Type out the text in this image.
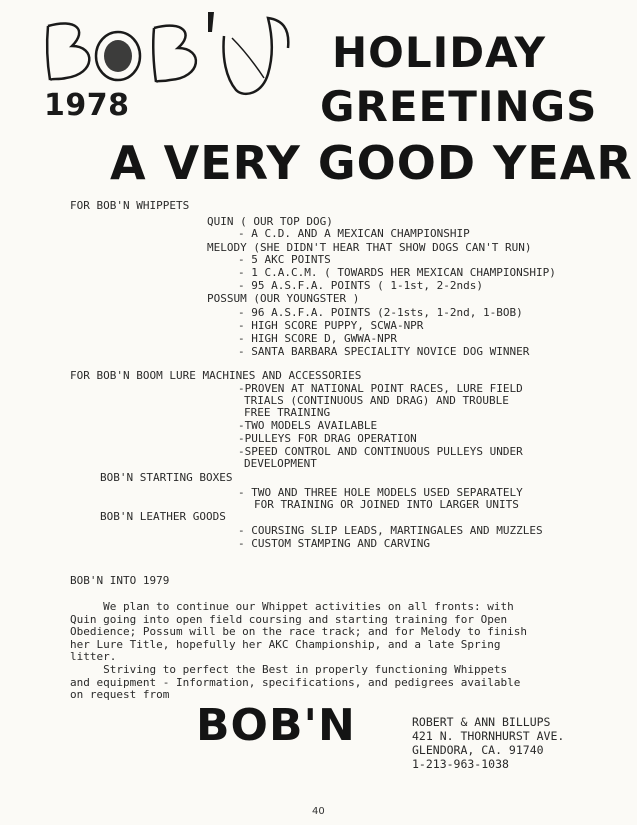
1978
HOLIDAY
GREETINGS
A VERY GOOD YEAR
FOR BOB'N WHIPPETS
QUIN ( OUR TOP DOG)
- A C.D. AND A MEXICAN CHAMPIONSHIP
MELODY (SHE DIDN'T HEAR THAT SHOW DOGS CAN'T RUN)
- 5 AKC POINTS
- 1 C.A.C.M. ( TOWARDS HER MEXICAN CHAMPIONSHIP)
- 95 A.S.F.A. POINTS ( 1-1st, 2-2nds)
POSSUM (OUR YOUNGSTER )
- 96 A.S.F.A. POINTS (2-1sts, 1-2nd, 1-BOB)
- HIGH SCORE PUPPY, SCWA-NPR
- HIGH SCORE D, GWWA-NPR
- SANTA BARBARA SPECIALITY NOVICE DOG WINNER
FOR BOB'N BOOM LURE MACHINES AND ACCESSORIES
-PROVEN AT NATIONAL POINT RACES, LURE FIELD
TRIALS (CONTINUOUS AND DRAG) AND TROUBLE
FREE TRAINING
-TWO MODELS AVAILABLE
-PULLEYS FOR DRAG OPERATION
-SPEED CONTROL AND CONTINUOUS PULLEYS UNDER
DEVELOPMENT
BOB'N STARTING BOXES
- TWO AND THREE HOLE MODELS USED SEPARATELY
FOR TRAINING OR JOINED INTO LARGER UNITS
BOB'N LEATHER GOODS
- COURSING SLIP LEADS, MARTINGALES AND MUZZLES
- CUSTOM STAMPING AND CARVING
BOB'N INTO 1979
We plan to continue our Whippet activities on all fronts: with
Quin going into open field coursing and starting training for Open
Obedience; Possum will be on the race track; and for Melody to finish
her Lure Title, hopefully her AKC Championship, and a late Spring
litter.
Striving to perfect the Best in properly functioning Whippets
and equipment - Information, specifications, and pedigrees available
on request from
BOB'N	ROBERT & ANN BILLUPS
421 N. THORNHURST AVE.
GLENDORA, CA. 91740
1-213-963-1038
40
